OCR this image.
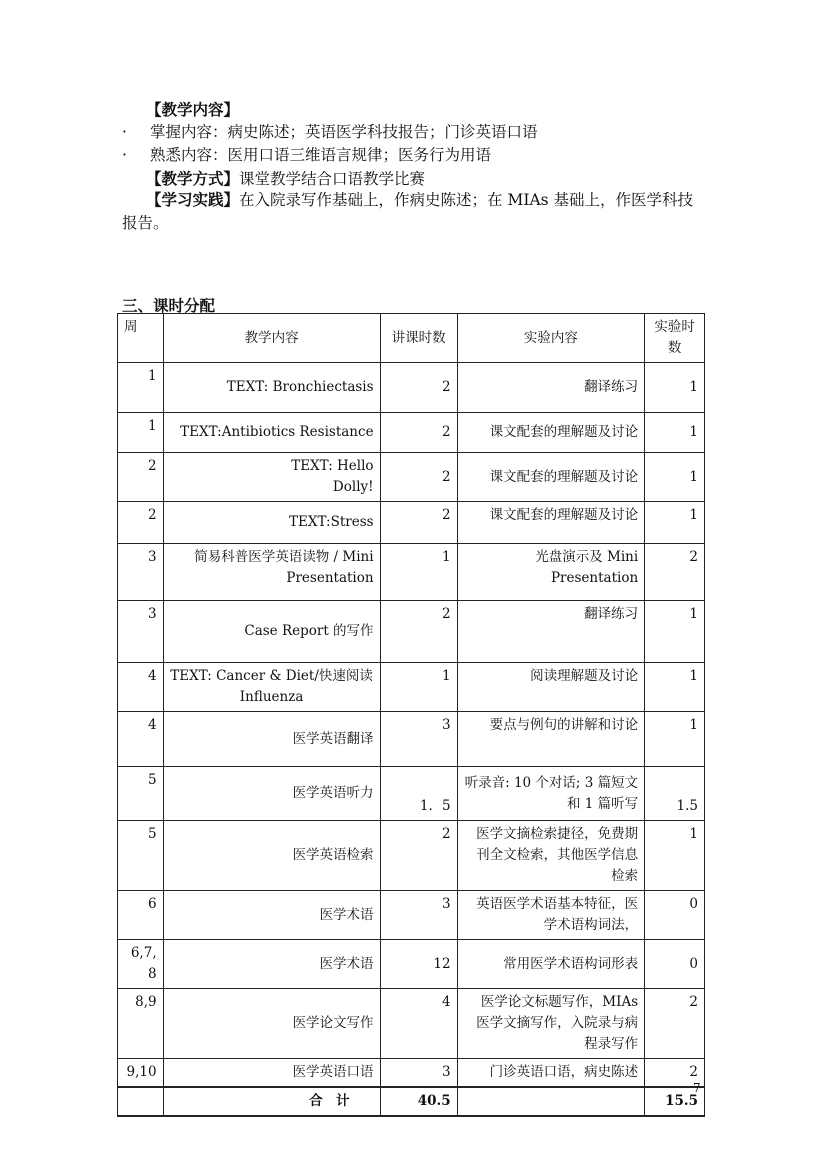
【教学内容】
· 掌握内容：病史陈述；英语医学科技报告；门诊英语口语
· 熟悉内容：医用口语三维语言规律；医务行为用语
【教学方式】课堂教学结合口语教学比赛
【学习实践】在入院录写作基础上，作病史陈述；在 MIAs 基础上，作医学科技报告。
三、课时分配
周	教学内容	讲课时数	实验内容	实验时数
1	TEXT: Bronchiectasis	2	翻译练习	1
1	TEXT:Antibiotics Resistance	2	课文配套的理解题及讨论	1
2	TEXT: Hello Dolly!	2	课文配套的理解题及讨论	1
2	TEXT:Stress	2	课文配套的理解题及讨论	1
3	简易科普医学英语读物 / Mini Presentation	1	光盘演示及 Mini Presentation	2
3	Case Report 的写作	2	翻译练习	1
4	TEXT: Cancer & Diet/快速阅读 Influenza	1	阅读理解题及讨论	1
4	医学英语翻译	3	要点与例句的讲解和讨论	1
5	医学英语听力	1．5	听录音: 10 个对话; 3 篇短文和 1 篇听写	1.5
5	医学英语检索	2	医学文摘检索捷径，免费期刊全文检索，其他医学信息检索	1
6	医学术语	3	英语医学术语基本特征，医学术语构词法，	0
6,7,8	医学术语	12	常用医学术语构词形表	0
8,9	医学论文写作	4	医学论文标题写作，MIAs 医学文摘写作，入院录与病程录写作	2
9,10	医学英语口语	3	门诊英语口语，病史陈述	2
	合　计	40.5		15.5
7
